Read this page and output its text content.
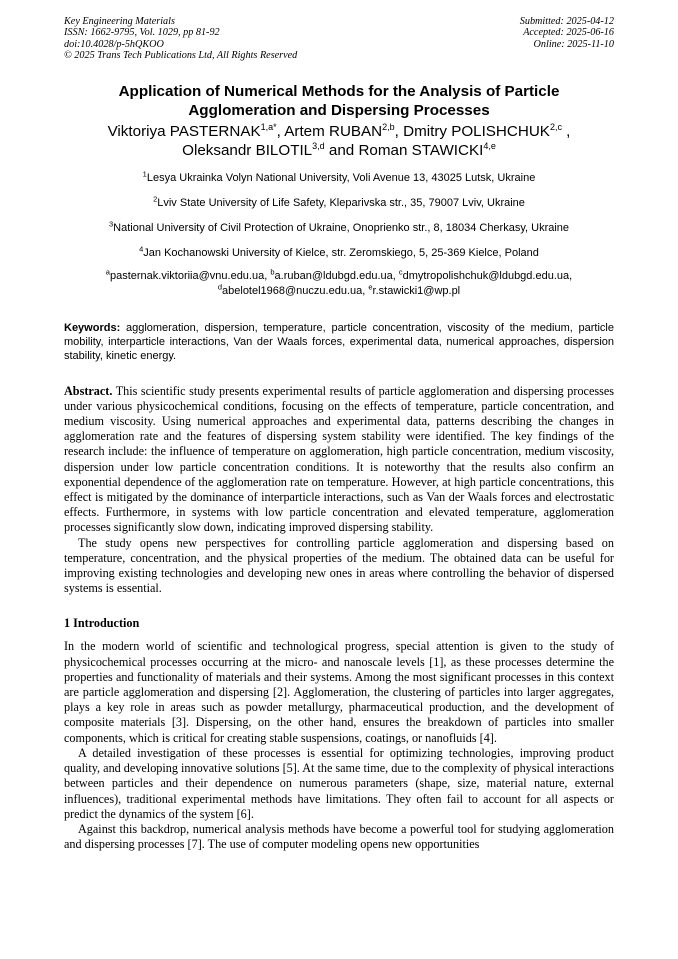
Key Engineering Materials
ISSN: 1662-9795, Vol. 1029, pp 81-92
doi:10.4028/p-5hQKOO
© 2025 Trans Tech Publications Ltd, All Rights Reserved
Submitted: 2025-04-12
Accepted: 2025-06-16
Online: 2025-11-10
Application of Numerical Methods for the Analysis of Particle
Agglomeration and Dispersing Processes
Viktoriya $PASTERNAK^{1,a*}$, Artem RUBAN$^{2,b}$, Dmitry POLISHCHUK$^{2,c}$ ,
Oleksandr BILOTIL$^{3,d}$ and Roman STAWICKI$^{4,e}$
$^1$Lesya Ukrainka Volyn National University, Voli Avenue 13, 43025 Lutsk, Ukraine
$^2$Lviv State University of Life Safety, Kleparivska str., 35, 79007 Lviv, Ukraine
$^3$National University of Civil Protection of Ukraine, Onoprienko str., 8, 18034 Cherkasy, Ukraine
$^4$Jan Kochanowski University of Kielce, str. Zeromskiego, 5, 25-369 Kielce, Poland
$^a$pasternak.viktoriia@vnu.edu.ua, $^b$a.ruban@ldubgd.edu.ua, $^c$dmytropolishchuk@ldubgd.edu.ua,
$^d$abelotel1968@nuczu.edu.ua, $^e$r.stawicki1@wp.pl
Keywords: agglomeration, dispersion, temperature, particle concentration, viscosity of the medium, particle mobility, interparticle interactions, Van der Waals forces, experimental data, numerical approaches, dispersion stability, kinetic energy.

Abstract. This scientific study presents experimental results of particle agglomeration and dispersing processes under various physicochemical conditions, focusing on the effects of temperature, particle concentration, and medium viscosity. Using numerical approaches and experimental data, patterns describing the changes in agglomeration rate and the features of dispersing system stability were identified. The key findings of the research include: the influence of temperature on agglomeration, high particle concentration, medium viscosity, dispersion under low particle concentration conditions. It is noteworthy that the results also confirm an exponential dependence of the agglomeration rate on temperature. However, at high particle concentrations, this effect is mitigated by the dominance of interparticle interactions, such as Van der Waals forces and electrostatic effects. Furthermore, in systems with low particle concentration and elevated temperature, agglomeration processes significantly slow down, indicating improved dispersing stability.

The study opens new perspectives for controlling particle agglomeration and dispersing based on temperature, concentration, and the physical properties of the medium. The obtained data can be useful for improving existing technologies and developing new ones in areas where controlling the behavior of dispersed systems is essential.

1 Introduction

In the modern world of scientific and technological progress, special attention is given to the study of physicochemical processes occurring at the micro- and nanoscale levels [1], as these processes determine the properties and functionality of materials and their systems. Among the most significant processes in this context are particle agglomeration and dispersing [2]. Agglomeration, the clustering of particles into larger aggregates, plays a key role in areas such as powder metallurgy, pharmaceutical production, and the development of composite materials [3]. Dispersing, on the other hand, ensures the breakdown of particles into smaller components, which is critical for creating stable suspensions, coatings, or nanofluids [4].

A detailed investigation of these processes is essential for optimizing technologies, improving product quality, and developing innovative solutions [5]. At the same time, due to the complexity of physical interactions between particles and their dependence on numerous parameters (shape, size, material nature, external influences), traditional experimental methods have limitations. They often fail to account for all aspects or predict the dynamics of the system [6].

Against this backdrop, numerical analysis methods have become a powerful tool for studying agglomeration and dispersing processes [7]. The use of computer modeling opens new opportunities
